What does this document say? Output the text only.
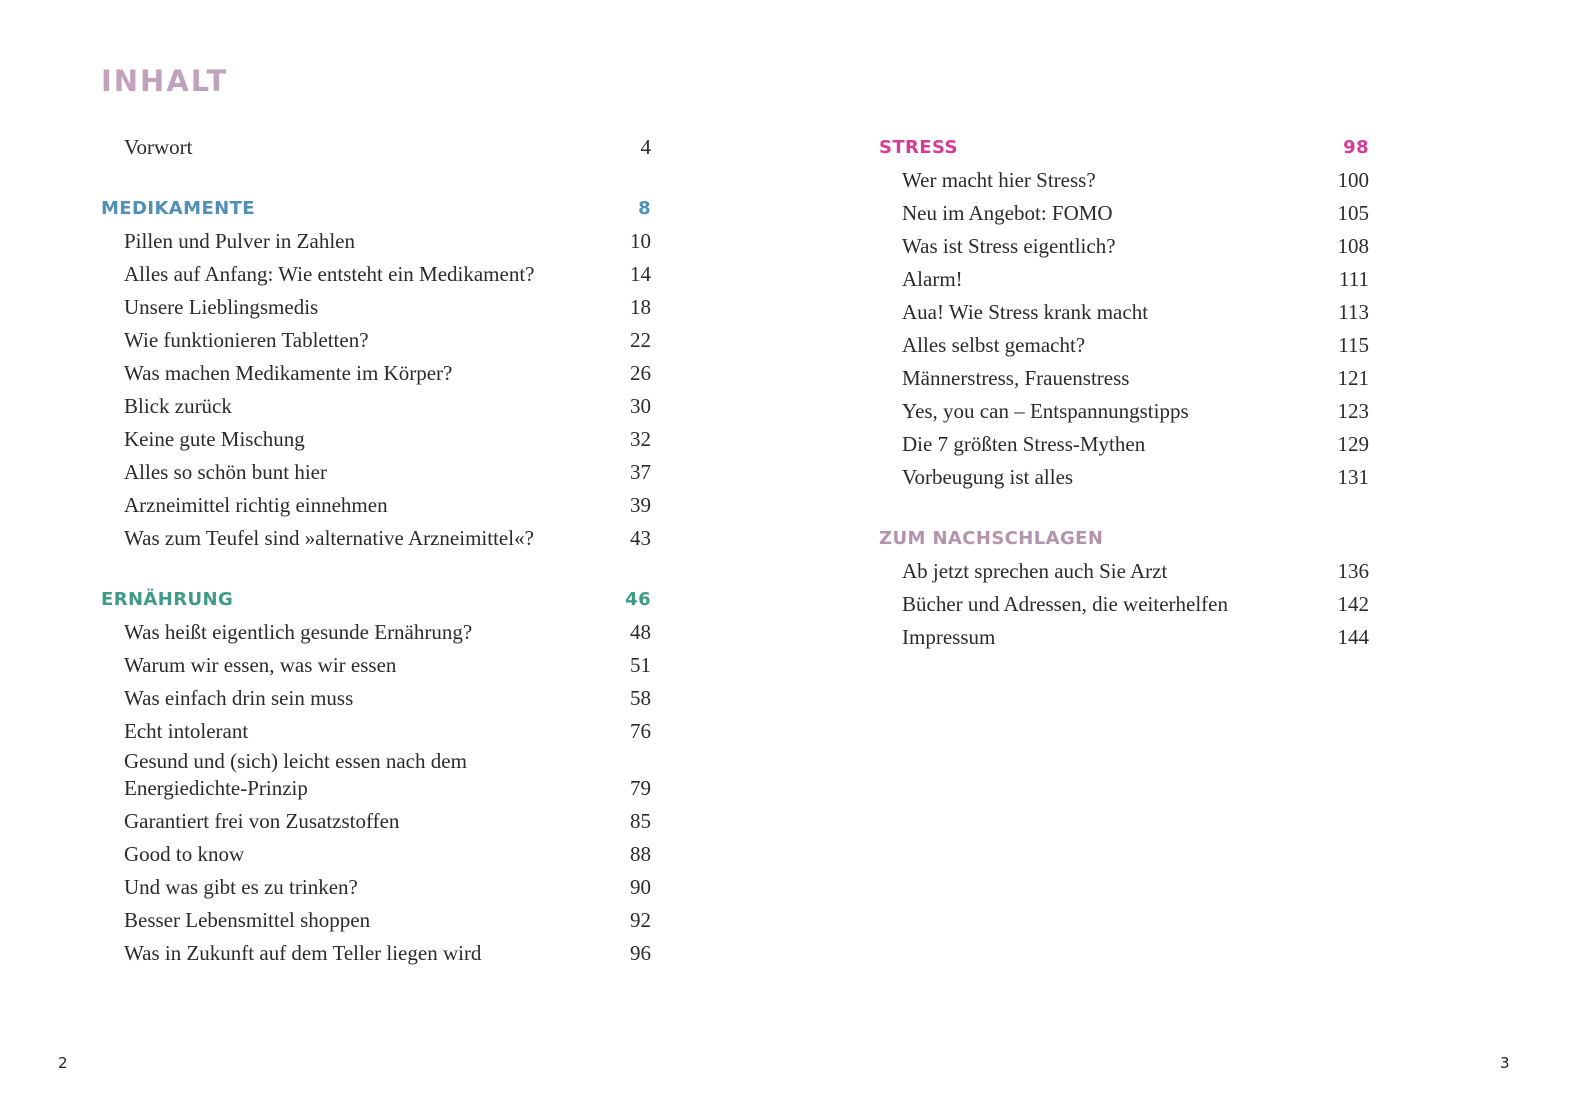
INHALT
Vorwort	4
MEDIKAMENTE	8
Pillen und Pulver in Zahlen	10
Alles auf Anfang: Wie entsteht ein Medikament?	14
Unsere Lieblingsmedis	18
Wie funktionieren Tabletten?	22
Was machen Medikamente im Körper?	26
Blick zurück	30
Keine gute Mischung	32
Alles so schön bunt hier	37
Arzneimittel richtig einnehmen	39
Was zum Teufel sind »alternative Arzneimittel«?	43
ERNÄHRUNG	46
Was heißt eigentlich gesunde Ernährung?	48
Warum wir essen, was wir essen	51
Was einfach drin sein muss	58
Echt intolerant	76
Gesund und (sich) leicht essen nach dem
Energiedichte-Prinzip	79
Garantiert frei von Zusatzstoffen	85
Good to know	88
Und was gibt es zu trinken?	90
Besser Lebensmittel shoppen	92
Was in Zukunft auf dem Teller liegen wird	96
STRESS	98
Wer macht hier Stress?	100
Neu im Angebot: FOMO	105
Was ist Stress eigentlich?	108
Alarm!	111
Aua! Wie Stress krank macht	113
Alles selbst gemacht?	115
Männerstress, Frauenstress	121
Yes, you can – Entspannungstipps	123
Die 7 größten Stress-Mythen	129
Vorbeugung ist alles	131
ZUM NACHSCHLAGEN
Ab jetzt sprechen auch Sie Arzt	136
Bücher und Adressen, die weiterhelfen	142
Impressum	144
2	3
